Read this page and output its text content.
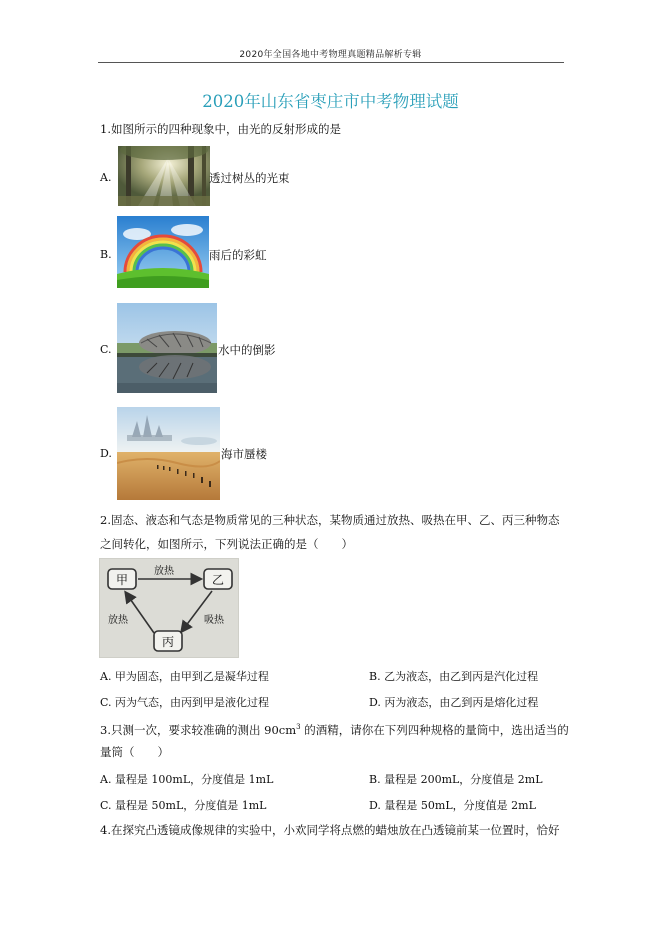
2020年全国各地中考物理真题精品解析专辑
2020年山东省枣庄市中考物理试题
1.如图所示的四种现象中，由光的反射形成的是
A.	透过树丛的光束
B.	雨后的彩虹
C.	水中的倒影
D.	海市蜃楼
2.固态、液态和气态是物质常见的三种状态，某物质通过放热、吸热在甲、乙、丙三种物态
之间转化，如图所示，下列说法正确的是（　　）
甲	乙
丙
放热
放热	吸热
A. 甲为固态，由甲到乙是凝华过程	B. 乙为液态，由乙到丙是汽化过程
C. 丙为气态，由丙到甲是液化过程	D. 丙为液态，由乙到丙是熔化过程
3.只测一次，要求较准确的测出 $90cm^3$ 的酒精，请你在下列四种规格的量筒中，选出适当的
量筒（　　）
A. 量程是 100mL，分度值是 1mL	B. 量程是 200mL，分度值是 2mL
C. 量程是 50mL，分度值是 1mL	D. 量程是 50mL，分度值是 2mL
4.在探究凸透镜成像规律的实验中，小欢同学将点燃的蜡烛放在凸透镜前某一位置时，恰好
